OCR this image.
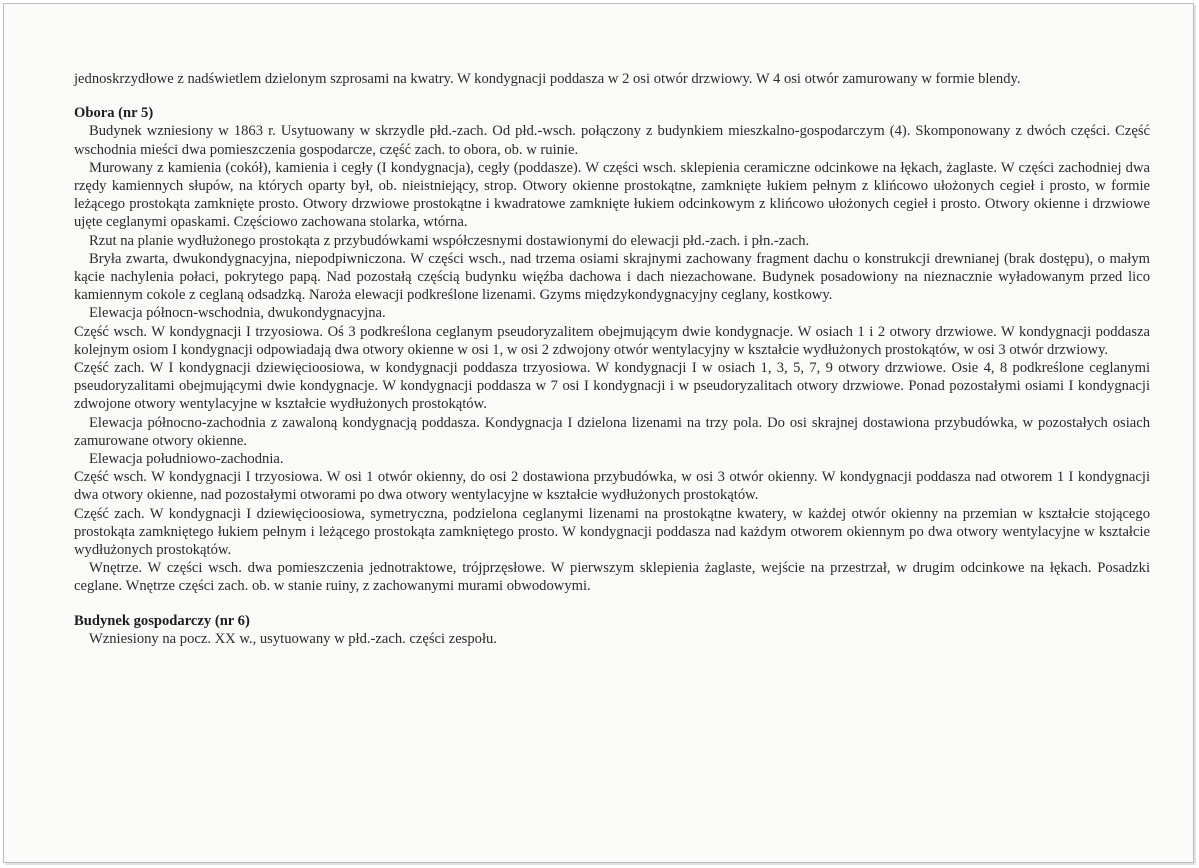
jednoskrzydłowe z nadświetlem dzielonym szprosami na kwatry. W kondygnacji poddasza w 2 osi otwór drzwiowy. W 4 osi otwór zamurowany w formie blendy.

Obora (nr 5)

Budynek wzniesiony w 1863 r. Usytuowany w skrzydle płd.-zach. Od płd.-wsch. połączony z budynkiem mieszkalno-gospodarczym (4). Skomponowany z dwóch części. Część wschodnia mieści dwa pomieszczenia gospodarcze, część zach. to obora, ob. w ruinie.

Murowany z kamienia (cokół), kamienia i cegły (I kondygnacja), cegły (poddasze). W części wsch. sklepienia ceramiczne odcinkowe na łękach, żaglaste. W części zachodniej dwa rzędy kamiennych słupów, na których oparty był, ob. nieistniejący, strop. Otwory okienne prostokątne, zamknięte łukiem pełnym z klińcowo ułożonych cegieł i prosto, w formie leżącego prostokąta zamknięte prosto. Otwory drzwiowe prostokątne i kwadratowe zamknięte łukiem odcinkowym z klińcowo ułożonych cegieł i prosto. Otwory okienne i drzwiowe ujęte ceglanymi opaskami. Częściowo zachowana stolarka, wtórna.

Rzut na planie wydłużonego prostokąta z przybudówkami współczesnymi dostawionymi do elewacji płd.-zach. i płn.-zach.

Bryła zwarta, dwukondygnacyjna, niepodpiwniczona. W części wsch., nad trzema osiami skrajnymi zachowany fragment dachu o konstrukcji drewnianej (brak dostępu), o małym kącie nachylenia połaci, pokrytego papą. Nad pozostałą częścią budynku więźba dachowa i dach niezachowane. Budynek posadowiony na nieznacznie wyładowanym przed lico kamiennym cokole z ceglaną odsadzką. Naroża elewacji podkreślone lizenami. Gzyms międzykondygnacyjny ceglany, kostkowy.

Elewacja północn-wschodnia, dwukondygnacyjna.

Część wsch. W kondygnacji I trzyosiowa. Oś 3 podkreślona ceglanym pseudoryzalitem obejmującym dwie kondygnacje. W osiach 1 i 2 otwory drzwiowe. W kondygnacji poddasza kolejnym osiom I kondygnacji odpowiadają dwa otwory okienne w osi 1, w osi 2 zdwojony otwór wentylacyjny w kształcie wydłużonych prostokątów, w osi 3 otwór drzwiowy.

Część zach. W I kondygnacji dziewięcioosiowa, w kondygnacji poddasza trzyosiowa. W kondygnacji I w osiach 1, 3, 5, 7, 9 otwory drzwiowe. Osie 4, 8 podkreślone ceglanymi pseudoryzalitami obejmującymi dwie kondygnacje. W kondygnacji poddasza w 7 osi I kondygnacji i w pseudoryzalitach otwory drzwiowe. Ponad pozostałymi osiami I kondygnacji zdwojone otwory wentylacyjne w kształcie wydłużonych prostokątów.

Elewacja północno-zachodnia z zawaloną kondygnacją poddasza. Kondygnacja I dzielona lizenami na trzy pola. Do osi skrajnej dostawiona przybudówka, w pozostałych osiach zamurowane otwory okienne.

Elewacja południowo-zachodnia.

Część wsch. W kondygnacji I trzyosiowa. W osi 1 otwór okienny, do osi 2 dostawiona przybudówka, w osi 3 otwór okienny. W kondygnacji poddasza nad otworem 1 I kondygnacji dwa otwory okienne, nad pozostałymi otworami po dwa otwory wentylacyjne w kształcie wydłużonych prostokątów.

Część zach. W kondygnacji I dziewięcioosiowa, symetryczna, podzielona ceglanymi lizenami na prostokątne kwatery, w każdej otwór okienny na przemian w kształcie stojącego prostokąta zamkniętego łukiem pełnym i leżącego prostokąta zamkniętego prosto. W kondygnacji poddasza nad każdym otworem okiennym po dwa otwory wentylacyjne w kształcie wydłużonych prostokątów.

Wnętrze. W części wsch. dwa pomieszczenia jednotraktowe, trójprzęsłowe. W pierwszym sklepienia żaglaste, wejście na przestrzał, w drugim odcinkowe na łękach. Posadzki ceglane. Wnętrze części zach. ob. w stanie ruiny, z zachowanymi murami obwodowymi.

Budynek gospodarczy (nr 6)

Wzniesiony na pocz. XX w., usytuowany w płd.-zach. części zespołu.
